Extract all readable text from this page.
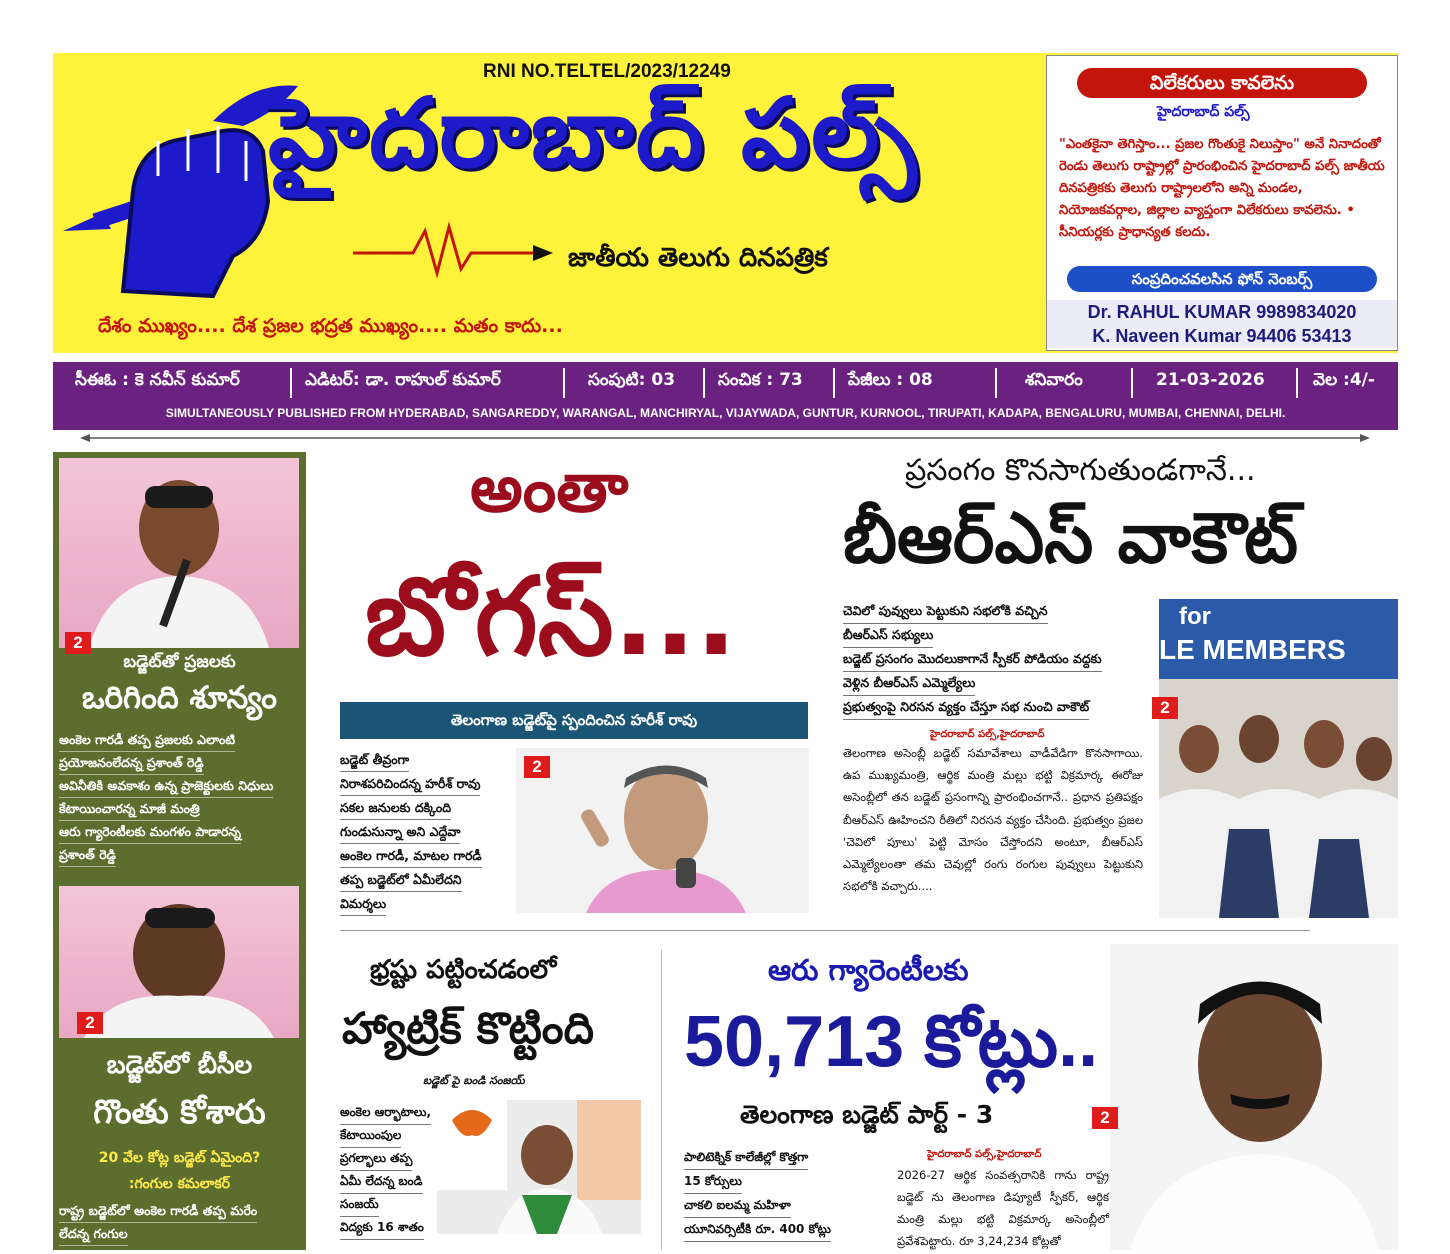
RNI NO.TELTEL/2023/12249
హైదరాబాద్ పల్స్
జాతీయ తెలుగు దినపత్రిక
దేశం ముఖ్యం.... దేశ ప్రజల భద్రత ముఖ్యం.... మతం కాదు...
విలేకరులు కావలెను
హైదరాబాద్ పల్స్
"ఎంతకైనా తెగిస్తాం... ప్రజల గొంతుకై నిలుస్తాం" అనే నినాదంతో రెండు తెలుగు రాష్ట్రాల్లో ప్రారంభించిన హైదరాబాద్ పల్స్ జాతీయ దినపత్రికకు తెలుగు రాష్ట్రాలలోని అన్ని మండల, నియోజకవర్గాల, జిల్లాల వ్యాప్తంగా విలేకరులు కావలెను. • సీనియర్లకు ప్రాధాన్యత కలదు.
సంప్రదించవలసిన ఫోన్ నెంబర్స్
Dr. RAHUL KUMAR 9989834020
K. Naveen Kumar 94406 53413
సీఈఓ : కె నవీన్ కుమార్	ఎడిటర్: డా. రాహుల్ కుమార్	సంపుటి: 03	సంచిక : 73	పేజీలు : 08	శనివారం	21-03-2026	వెల :4/-
SIMULTANEOUSLY PUBLISHED FROM HYDERABAD, SANGAREDDY, WARANGAL, MANCHIRYAL, VIJAYWADA, GUNTUR, KURNOOL, TIRUPATI, KADAPA, BENGALURU, MUMBAI, CHENNAI, DELHI.
2
బడ్జెట్‌తో ప్రజలకు
ఒరిగింది శూన్యం
అంకెల గారడీ తప్ప ప్రజలకు ఎలాంటి
ప్రయోజనంలేదన్న ప్రశాంత్ రెడ్డి
అవినీతికి అవకాశం ఉన్న ప్రాజెక్టులకు నిధులు
కేటాయించారన్న మాజీ మంత్రి
ఆరు గ్యారెంటీలకు మంగళం పాడారన్న
ప్రశాంత్ రెడ్డి
2
బడ్జెట్‌లో బీసీల
గొంతు కోశారు
20 వేల కోట్ల బడ్జెట్ ఏమైంది?
:గంగుల కమలాకర్
రాష్ట్ర బడ్జెట్‌లో అంకెల గారడీ తప్ప మరేం
లేదన్న గంగుల
అంతా
బోగస్...
తెలంగాణ బడ్జెట్‌పై స్పందించిన హరీశ్ రావు
బడ్జెట్ తీవ్రంగా
నిరాశపరిచిందన్న హరీశ్ రావు
సకల జనులకు దక్కింది
గుండుసున్నా అని ఎద్దేవా
అంకెల గారడీ, మాటల గారడీ
తప్ప బడ్జెట్‌లో ఏమీలేదని
విమర్శలు
2
ప్రసంగం కొనసాగుతుండగానే...
బీఆర్ఎస్ వాకౌట్
చెవిలో పువ్వులు పెట్టుకుని సభలోకి వచ్చిన
బీఆర్ఎస్ సభ్యులు
బడ్జెట్ ప్రసంగం మొదలుకాగానే స్పీకర్ పోడియం వద్దకు
వెళ్లిన బీఆర్ఎస్ ఎమ్మెల్యేలు
ప్రభుత్వంపై నిరసన వ్యక్తం చేస్తూ సభ నుంచి వాకౌట్
హైదరాబాద్ పల్స్,హైదరాబాద్
తెలంగాణ అసెంబ్లీ బడ్జెట్ సమావేశాలు వాడీవేడిగా కొనసాగాయి. ఉప ముఖ్యమంత్రి, ఆర్థిక మంత్రి మల్లు భట్టి విక్రమార్క ఈరోజు అసెంబ్లీలో తన బడ్జెట్ ప్రసంగాన్ని ప్రారంభించగానే.. ప్రధాన ప్రతిపక్షం బీఆర్ఎస్ ఊహించని రీతిలో నిరసన వ్యక్తం చేసింది. ప్రభుత్వం ప్రజల 'చెవిలో పూలు' పెట్టి మోసం చేస్తోందని అంటూ, బీఆర్ఎస్ ఎమ్మెల్యేలంతా తమ చెవుల్లో రంగు రంగుల పువ్వులు పెట్టుకుని సభలోకి వచ్చారు....
for
LE MEMBERS
2
భ్రష్టు పట్టించడంలో
హ్యాట్రిక్ కొట్టింది
బడ్జెట్ పై బండి సంజయ్
అంకెల ఆర్భాటాలు,
కేటాయింపుల
ప్రగల్భాలు తప్ప
ఏమీ లేదన్న బండి
సంజయ్
విద్యకు 16 శాతం
ఆరు గ్యారెంటీలకు
50,713 కోట్లు..
తెలంగాణ బడ్జెట్ పార్ట్ - 3
పాలిటెక్నిక్ కాలేజీల్లో కొత్తగా
15 కోర్సులు
చాకలి ఐలమ్మ మహిళా
యూనివర్సిటీకి రూ. 400 కోట్లు
హైదరాబాద్ పల్స్,హైదరాబాద్
2026-27 ఆర్థిక సంవత్సరానికి గాను రాష్ట్ర బడ్జెట్ ను తెలంగాణ డిప్యూటీ స్పీకర్, ఆర్థిక మంత్రి మల్లు భట్టి విక్రమార్క అసెంబ్లీలో ప్రవేశపెట్టారు. రూ 3,24,234 కోట్లతో
2
